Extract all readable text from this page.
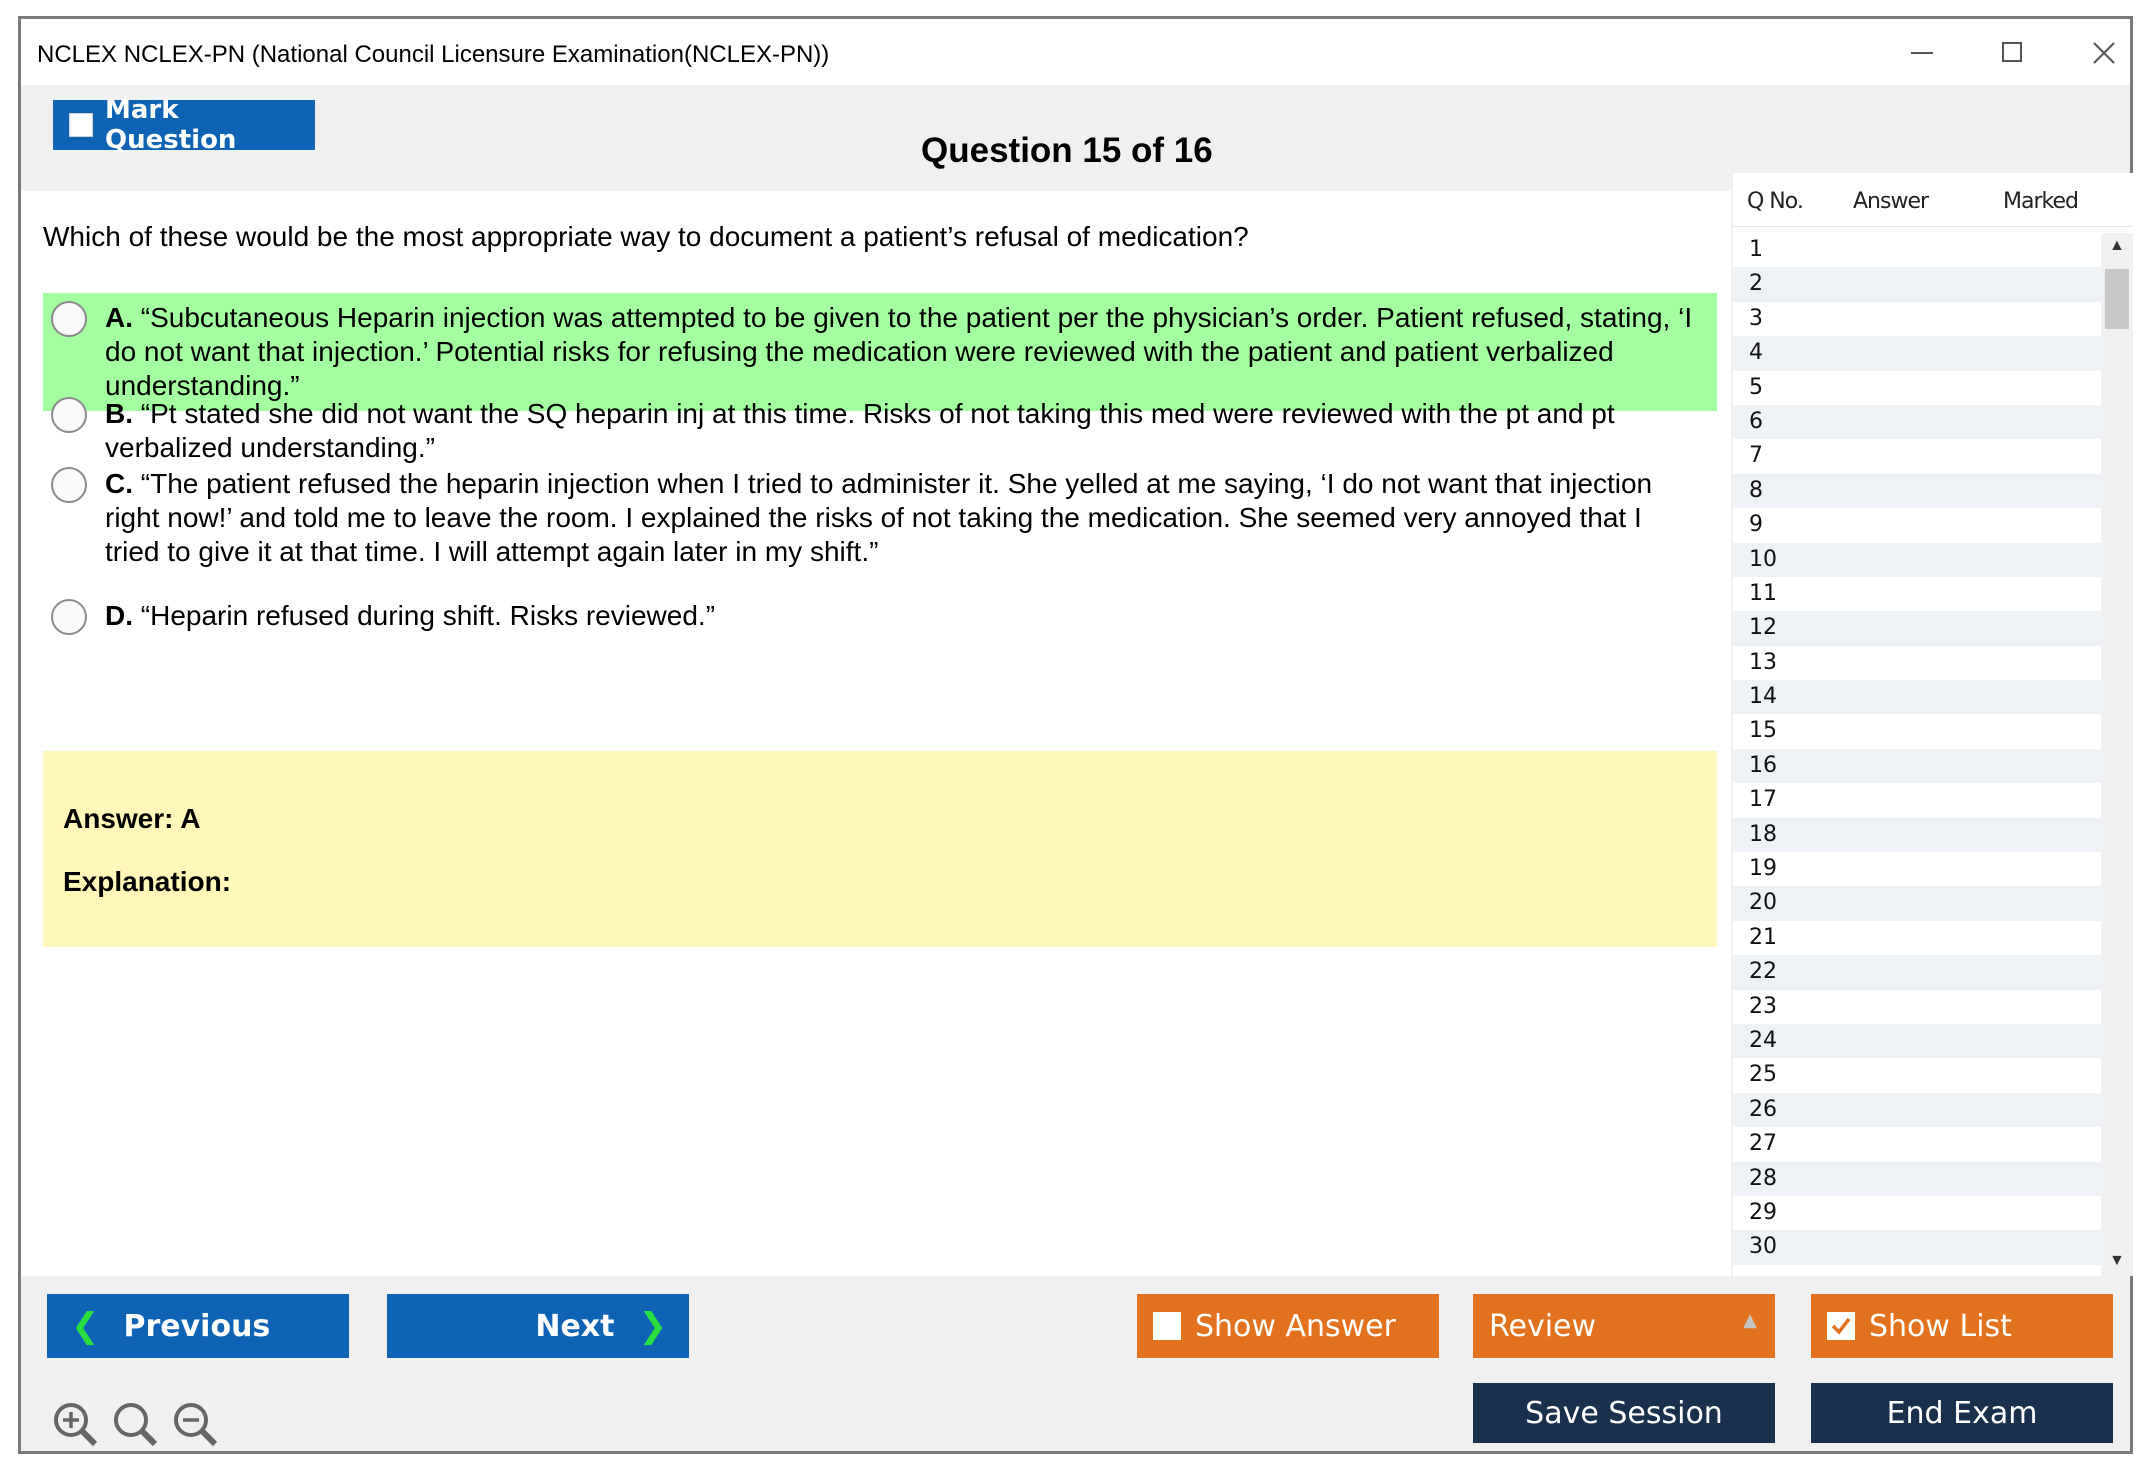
NCLEX NCLEX-PN (National Council Licensure Examination(NCLEX-PN))
Mark Question	Question 15 of 16
Which of these would be the most appropriate way to document a patient’s refusal of medication?
A. “Subcutaneous Heparin injection was attempted to be given to the patient per the physician’s order. Patient refused, stating, ‘I do not want that injection.’ Potential risks for refusing the medication were reviewed with the patient and patient verbalized understanding.”
B. “Pt stated she did not want the SQ heparin inj at this time. Risks of not taking this med were reviewed with the pt and pt verbalized understanding.”
C. “The patient refused the heparin injection when I tried to administer it. She yelled at me saying, ‘I do not want that injection right now!’ and told me to leave the room. I explained the risks of not taking the medication. She seemed very annoyed that I tried to give it at that time. I will attempt again later in my shift.”
D. “Heparin refused during shift. Risks reviewed.”
Answer: A
Explanation:
Q No. Answer	Marked
1
2
3
4
5
6
7
8
9
10
11
12
13
14
15
16
17
18
19
20
21
22
23
24
25
26
27
28
29
30
▲
▼
❮ Previous	Next ❯	Show Answer	Review	▲	Show List
Save Session	End Exam
